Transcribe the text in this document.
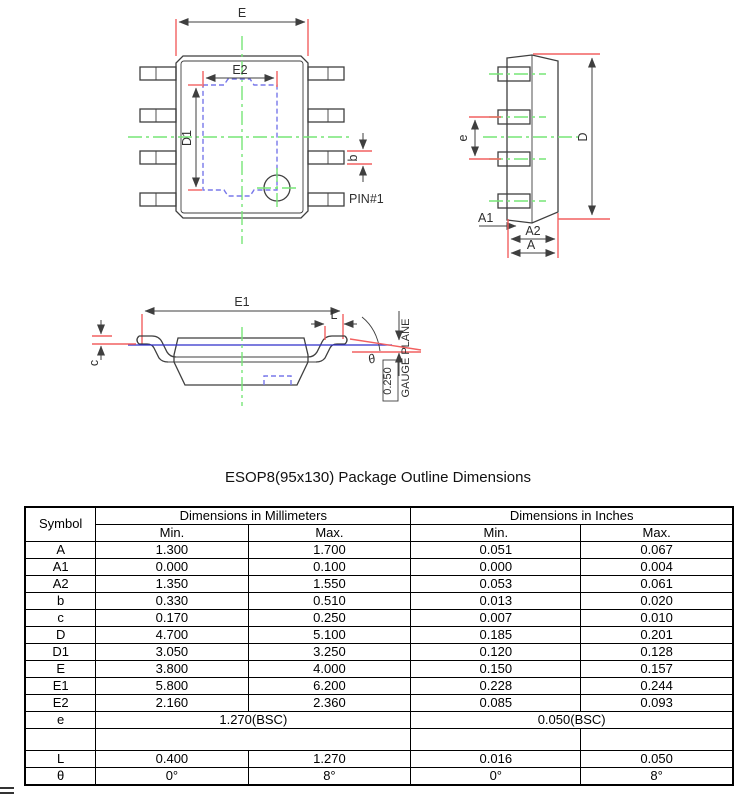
E
E2
D1
b
PIN#1
e	D
A1
A2
A
E1
c
L
θ
0.250 GAUGE PLANE
ESOP8(95x130) Package Outline Dimensions
Symbol	Dimensions in Millimeters		Dimensions in Inches	
	Min.	Max.	Min.	Max.
A	1.300	1.700	0.051	0.067
A1	0.000	0.100	0.000	0.004
A2	1.350	1.550	0.053	0.061
b	0.330	0.510	0.013	0.020
c	0.170	0.250	0.007	0.010
D	4.700	5.100	0.185	0.201
D1	3.050	3.250	0.120	0.128
E	3.800	4.000	0.150	0.157
E1	5.800	6.200	0.228	0.244
E2	2.160	2.360	0.085	0.093
e	1.270(BSC)		0.050(BSC)	

L	0.400	1.270	0.016	0.050
θ	0°	8°	0°	8°
